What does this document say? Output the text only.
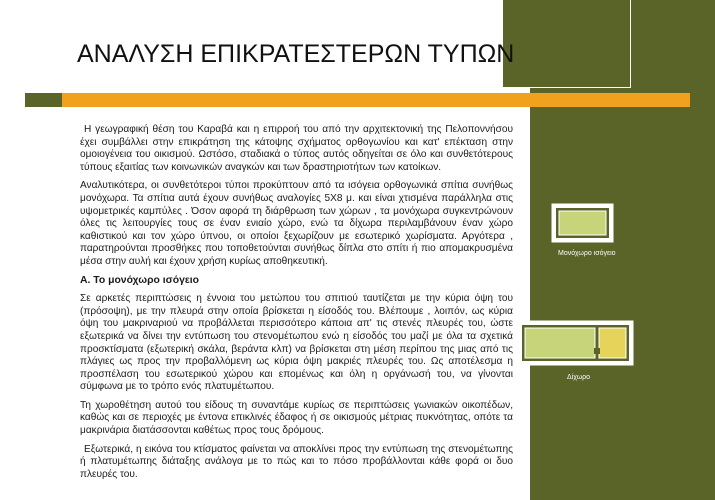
ΑΝΑΛΥΣΗ ΕΠΙΚΡΑΤΕΣΤΕΡΩΝ ΤΥΠΩΝ

Η γεωγραφική θέση του Καραβά και η επιρροή του από την αρχιτεκτονική της Πελοποννήσου έχει συμβάλλει στην επικράτηση της κάτοψης σχήματος ορθογωνίου και κατ' επέκταση στην ομοιογένεια του οικισμού. Ωστόσο, σταδιακά ο τύπος αυτός οδηγείται σε όλο και συνθετότερους τύπους εξαιτίας των κοινωνικών αναγκών και των δραστηριοτήτων των κατοίκων.

Αναλυτικότερα, οι συνθετότεροι τύποι προκύπτουν από τα ισόγεια ορθογωνικά σπίτια συνήθως μονόχωρα. Τα σπίτια αυτά έχουν συνήθως αναλογίες 5Χ8 μ. και είναι χτισμένα παράλληλα στις υψομετρικές καμπύλες . Όσον αφορά τη διάρθρωση των χώρων , τα μονόχωρα συγκεντρώνουν όλες τις λειτουργίες τους σε έναν ενιαίο χώρο, ενώ τα δίχωρα περιλαμβάνουν έναν χώρο καθιστικού και τον χώρο ύπνου, οι οποίοι ξεχωρίζουν με εσωτερικό χωρίσματα. Αργότερα , παρατηρούνται προσθήκες που τοποθετούνται συνήθως δίπλα στο σπίτι ή πιο απομακρυσμένα μέσα στην αυλή και έχουν χρήση κυρίως αποθηκευτική.

Α. Το μονόχωρο ισόγειο

Σε αρκετές περιπτώσεις η έννοια του μετώπου του σπιτιού ταυτίζεται με την κύρια όψη του (πρόσοψη), με την πλευρά στην οποία βρίσκεται η είσοδός του. Βλέπουμε , λοιπόν, ως κύρια όψη του μακριναριού να προβάλλεται περισσότερο κάποια απ' τις στενές πλευρές του, ώστε εξωτερικά να δίνει την εντύπωση του στενομέτωπου ενώ η είσοδός του μαζί με όλα τα σχετικά προσκτίσματα (εξωτερική σκάλα, βεράντα κλπ) να βρίσκεται στη μέση περίπου της μιας από τις πλάγιες ως προς την προβαλλόμενη ως κύρια όψη μακριές πλευρές του. Ως αποτέλεσμα η προσπέλαση του εσωτερικού χώρου και επομένως και όλη η οργάνωσή του, να γίνονται σύμφωνα με το τρόπο ενός πλατυμέτωπου.

Τη χωροθέτηση αυτού του είδους τη συναντάμε κυρίως σε περιπτώσεις γωνιακών οικοπέδων, καθώς και σε περιοχές με έντονα επικλινές έδαφος ή σε οικισμούς μέτριας πυκνότητας, οπότε τα μακρινάρια διατάσσονται καθέτως προς τους δρόμους.

Εξωτερικά, η εικόνα του κτίσματος φαίνεται να αποκλίνει προς την εντύπωση της στενομέτωπης ή πλατυμέτωπης διάταξης ανάλογα με το πώς και το πόσο προβάλλονται κάθε φορά οι δυο πλευρές του.

Μονόχωρο ισόγειο
Δίχωρο
